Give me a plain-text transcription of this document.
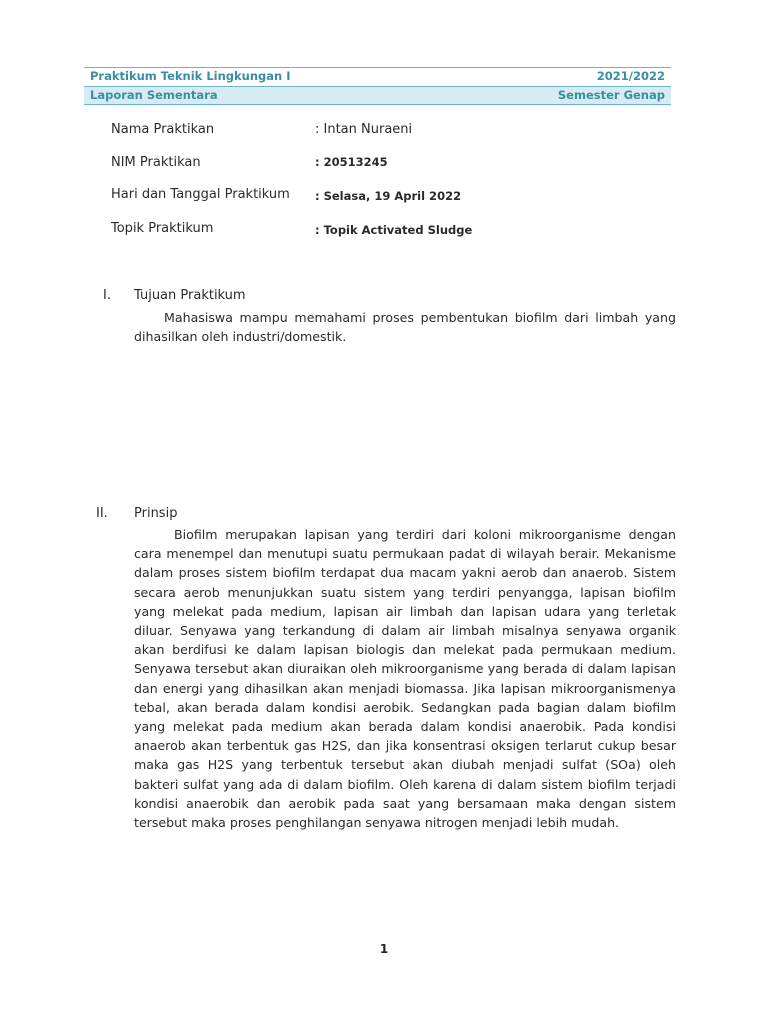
Praktikum Teknik Lingkungan I	2021/2022
Laporan Sementara	Semester Genap
Nama Praktikan	: Intan Nuraeni
NIM Praktikan	: 20513245
Hari dan Tanggal Praktikum : Selasa, 19 April 2022
Topik Praktikum	: Topik Activated Sludge
I. Tujuan Praktikum

Mahasiswa mampu memahami proses pembentukan biofilm dari limbah yang dihasilkan oleh industri/domestik.

II. Prinsip

Biofilm merupakan lapisan yang terdiri dari koloni mikroorganisme dengan cara menempel dan menutupi suatu permukaan padat di wilayah berair. Mekanisme dalam proses sistem biofilm terdapat dua macam yakni aerob dan anaerob. Sistem secara aerob menunjukkan suatu sistem yang terdiri penyangga, lapisan biofilm yang melekat pada medium, lapisan air limbah dan lapisan udara yang terletak diluar. Senyawa yang terkandung di dalam air limbah misalnya senyawa organik akan berdifusi ke dalam lapisan biologis dan melekat pada permukaan medium. Senyawa tersebut akan diuraikan oleh mikroorganisme yang berada di dalam lapisan dan energi yang dihasilkan akan menjadi biomassa. Jika lapisan mikroorganismenya tebal, akan berada dalam kondisi aerobik. Sedangkan pada bagian dalam biofilm yang melekat pada medium akan berada dalam kondisi anaerobik. Pada kondisi anaerob akan terbentuk gas H2S, dan jika konsentrasi oksigen terlarut cukup besar maka gas H2S yang terbentuk tersebut akan diubah menjadi sulfat (SOa) oleh bakteri sulfat yang ada di dalam biofilm. Oleh karena di dalam sistem biofilm terjadi kondisi anaerobik dan aerobik pada saat yang bersamaan maka dengan sistem tersebut maka proses penghilangan senyawa nitrogen menjadi lebih mudah.

1
